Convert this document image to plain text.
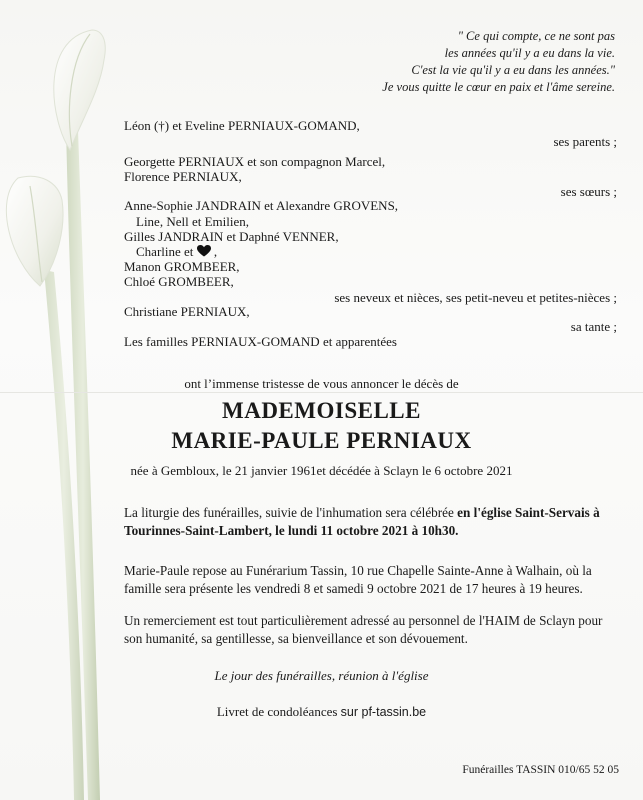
" Ce qui compte, ce ne sont pas
les années qu'il y a eu dans la vie.
C'est la vie qu'il y a eu dans les années."
Je vous quitte le cœur en paix et l'âme sereine.
Léon (†) et Eveline PERNIAUX-GOMAND,
ses parents ;
Georgette PERNIAUX et son compagnon Marcel,
Florence PERNIAUX,
ses sœurs ;
Anne-Sophie JANDRAIN et Alexandre GROVENS,
Line, Nell et Emilien,
Gilles JANDRAIN et Daphné VENNER,
Charline et ,
Manon GROMBEER,
Chloé GROMBEER,
ses neveux et nièces, ses petit-neveu et petites-nièces ;
Christiane PERNIAUX,
sa tante ;
Les familles PERNIAUX-GOMAND et apparentées
ont l’immense tristesse de vous annoncer le décès de
MADEMOISELLE
MARIE-PAULE PERNIAUX
née à Gembloux, le 21 janvier 1961et décédée à Sclayn le 6 octobre 2021
La liturgie des funérailles, suivie de l'inhumation sera célébrée en l'église Saint-Servais à Tourinnes-Saint-Lambert, le lundi 11 octobre 2021 à 10h30.
Marie-Paule repose au Funérarium Tassin, 10 rue Chapelle Sainte-Anne à Walhain, où la famille sera présente les vendredi 8 et samedi 9 octobre 2021 de 17 heures à 19 heures.
Un remerciement est tout particulièrement adressé au personnel de l'HAIM de Sclayn pour son humanité, sa gentillesse, sa bienveillance et son dévouement.
Le jour des funérailles, réunion à l'église
Livret de condoléances sur pf-tassin.be
Funérailles TASSIN 010/65 52 05
